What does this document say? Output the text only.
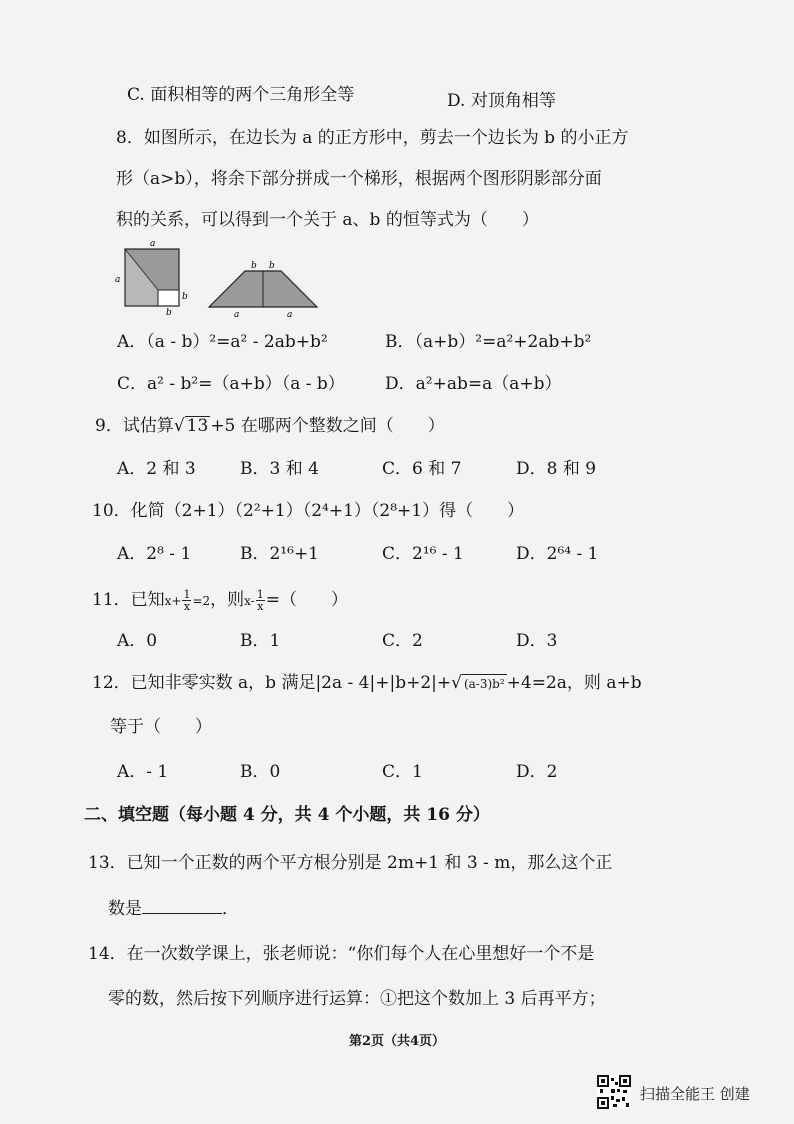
C. 面积相等的两个三角形全等	D. 对顶角相等
8．如图所示，在边长为 a 的正方形中，剪去一个边长为 b 的小正方
形（a>b），将余下部分拼成一个梯形，根据两个图形阴影部分面
积的关系，可以得到一个关于 a、b 的恒等式为（　　）
a
a
b
b
b b
a	a
A．（a - b）²=a² - 2ab+b²	B．（a+b）²=a²+2ab+b²
C．a² - b²=（a+b）（a - b） D．a²+ab=a（a+b）
9．试估算√ 13 +5 在哪两个整数之间（　　）
A．2 和 3	B．3 和 4	C．6 和 7	D．8 和 9
10．化简（2+1）（2²+1）（2⁴+1）（2⁸+1）得（　　）
A．2⁸ - 1	B．2¹⁶+1	C．2¹⁶ - 1	D．2⁶⁴ - 1
11．已知$x+ \frac{1}{x} =2$，则$x- \frac{1}{x}$ =（　　）
A．0	B．1	C．2	D．3
12．已知非零实数 a，b 满足|2a - 4|+|b+2|+√ (a-3)b² +4=2a，则 a+b
等于（　　）
A．- 1	B．0	C．1	D．2
二、填空题（每小题 4 分，共 4 个小题，共 16 分）
13．已知一个正数的两个平方根分别是 2m+1 和 3 - m，那么这个正
数是	．
14．在一次数学课上，张老师说：“你们每个人在心里想好一个不是
零的数，然后按下列顺序进行运算：①把这个数加上 3 后再平方；
第2页（共4页）
扫描全能王 创建
